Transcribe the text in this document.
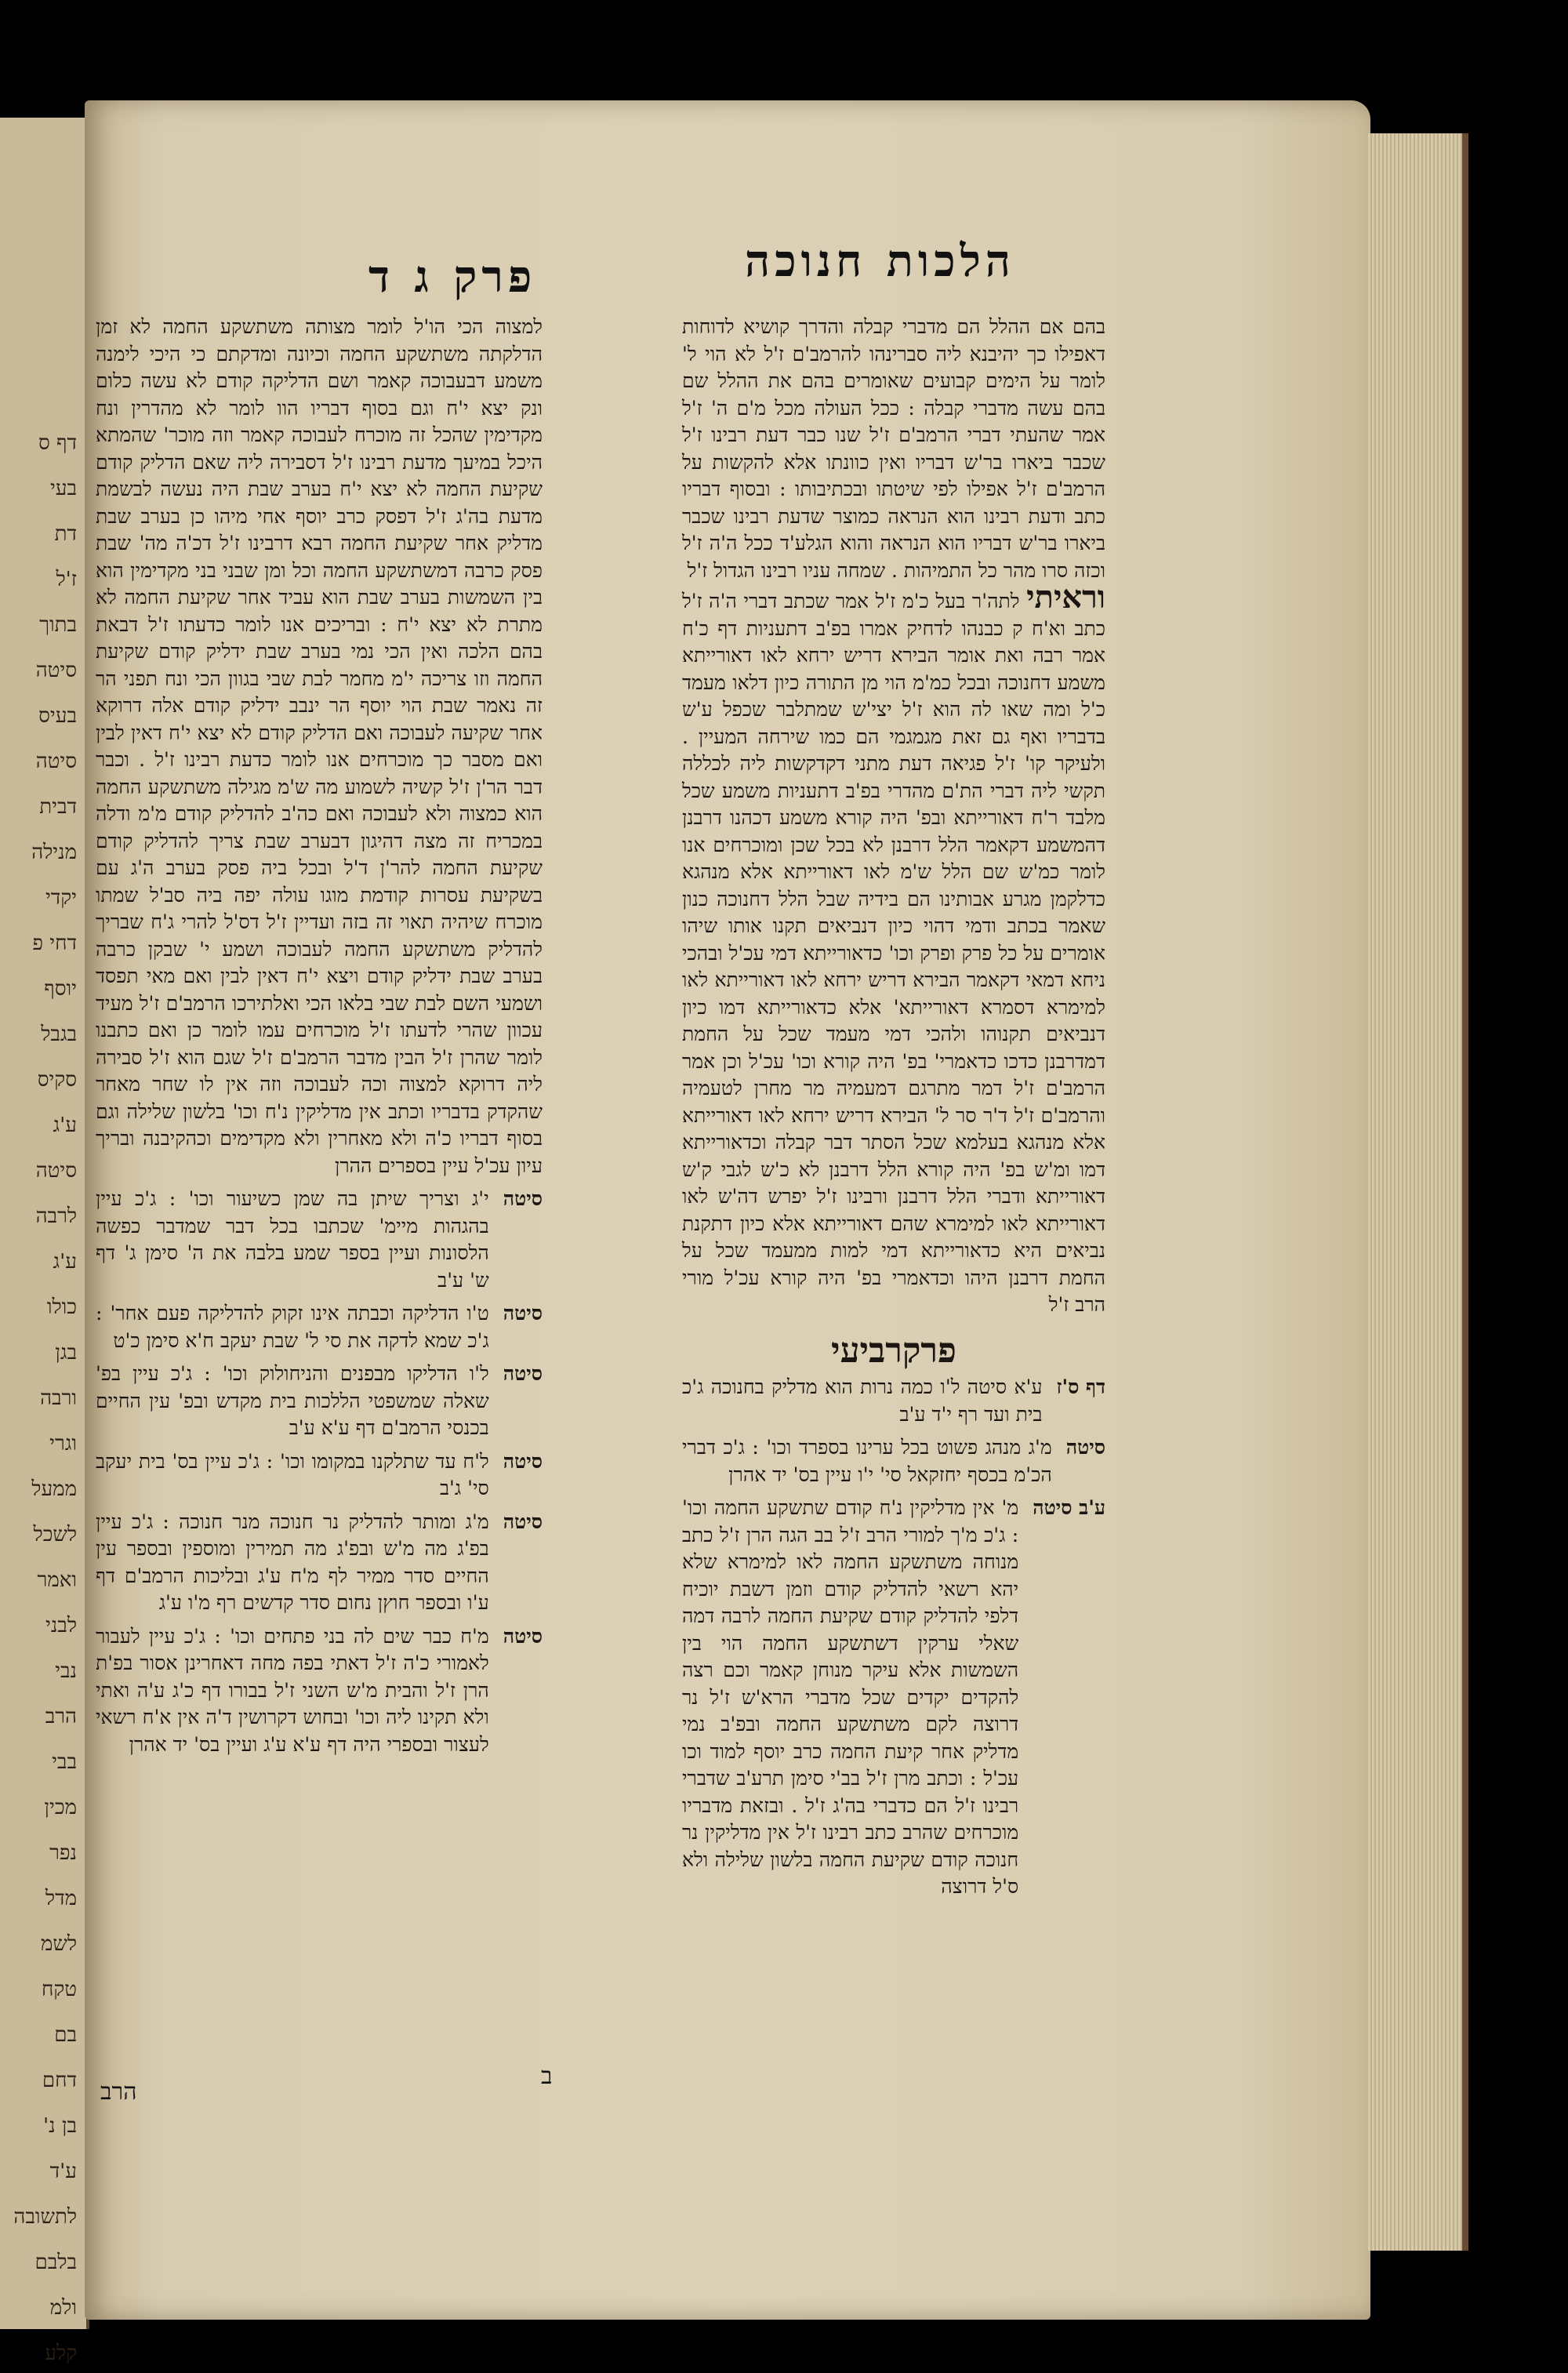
דף ס
בעי
דת
ז'ל
בתוך
סיטה
בעיס
סיטה
דבית
מנילה
יקדי
דחי פ
יוסף
בגבל
סקיס
ע'ג
סיטה
לרבה
ע'ג
כולו
בגן
ורבה
וגרי
ממעל
לשכל
ואמר
לבני
נבי
הרב
בבי
מכין
נפר
מדל
לשמ
טקח
בם
דחם
בן נ'
ע'ד
לתשובה
בלבם
ולמ
קלע
הלכות חנוכה
פרק ג ד

בהם אם ההלל הם מדברי קבלה והדרך קושיא לדוחות דאפילו כך יהיבנא ליה סברינהו להרמב'ם ז'ל לא הוי ל' לומר על הימים קבועים שאומרים בהם את ההלל שם בהם עשה מדברי קבלה : ככל העולה מכל מ'ם ה' ז'ל אמר שהעתי דברי הרמב'ם ז'ל שנו כבר דעת רבינו ז'ל שכבר ביארו בר'ש דבריו ואין כוונתו אלא להקשות על הרמב'ם ז'ל אפילו לפי שיטתו ובכתיבותו : ובסוף דבריו כתב ודעת רבינו הוא הנראה כמוצר שדעת רבינו שכבר ביארו בר'ש דבריו הוא הנראה והוא הגלע'ד ככל ה'ה ז'ל וכזה סרו מהר כל התמיהות . שמחה עניו רבינו הגדול ז'ל

וראיתי לתה'ר בעל כ'מ ז'ל אמר שכתב דברי ה'ה ז'ל כתב וא'ח ק כבנהו לדחיק אמרו בפ'ב דתעניות דף כ'ח אמר רבה ואת אומר הבירא דריש ירחא לאו דאורייתא משמע דחנוכה ובכל כמ'מ הוי מן התורה כיון דלאו מעמד כ'ל ומה שאו לה הוא ז'ל יצי'ש שמתלבר שכפל ע'ש בדבריו ואף גם זאת מגמגמי הם כמו שירחה המעיין . ולעיקר קו' ז'ל פגיאה דעת מתני דקדקשות ליה לכללה תקשי ליה דברי הת'ם מהדרי בפ'ב דתעניות משמע שכל מלבד ר'ח דאורייתא ובפ' היה קורא משמע דכהנו דרבנן דהמשמע דקאמר הלל דרבנן לא בכל שכן ומוכרחים אנו לומר כמ'ש שם הלל ש'מ לאו דאורייתא אלא מנהגא כדלקמן מגרע אבותינו הם בידיה שבל הלל דחנוכה כנון שאמר בכתב ודמי דהוי כיון דנביאים תקנו אותו שיהו אומרים על כל פרק ופרק וכו' כדאורייתא דמי עכ'ל ובהכי ניחא דמאי דקאמר הבירא דריש ירחא לאו דאורייתא לאו למימרא דסמרא דאורייתא' אלא כדאורייתא דמו כיון דנביאים תקנוהו ולהכי דמי מעמד שכל על החמת דמדרבנן כדכו כדאמרי' בפ' היה קורא וכו' עכ'ל וכן אמר הרמב'ם ז'ל דמר מתרגם דמעמיה מר מחרן לטעמיה והרמב'ם ז'ל ד'ר סר ל' הבירא דריש ירחא לאו דאורייתא אלא מנהגא בעלמא שכל הסתר דבר קבלה וכדאורייתא דמו ומ'ש בפ' היה קורא הלל דרבנן לא כ'ש לגבי ק'ש דאורייתא ודברי הלל דרבנן ורבינו ז'ל יפרש דה'ש לאו דאורייתא לאו למימרא שהם דאורייתא אלא כיון דתקנת נביאים היא כדאורייתא דמי למות ממעמד שכל על החמת דרבנן היהו וכדאמרי בפ' היה קורא עכ'ל מורי הרב ז'ל

פרקרביעי
דף ס'ז
ע'א סיטה ל'ו כמה נרות הוא מדליק בחנוכה ג'כ בית ועד רף י'ד ע'ב
סיטה
מ'ג מנהג פשוט בכל ערינו בספרד וכו' : ג'כ דברי הכ'מ בכסף יחזקאל סי' י'ו עיין בס' יד אהרן
ע'ב סיטה
מ' אין מדליקין נ'ח קודם שתשקע החמה וכו' : ג'כ מ'ך למורי הרב ז'ל בב הגה הרן ז'ל כתב מנוחה משתשקע החמה לאו למימרא שלא יהא רשאי להדליק קודם וזמן דשבת יוכיח דלפי להדליק קודם שקיעת החמה לרבה דמה שאלי ערקין דשתשקע החמה הוי בין השמשות אלא עיקר מנוחן קאמר וכם רצה להקדים יקדים שכל מדברי הרא'ש ז'ל נר דרוצה לקם משתשקע החמה ובפ'ב נמי מדליק אחר קיעת החמה כרב יוסף למוד וכו עכ'ל : וכתב מרן ז'ל בב'י סימן תרע'ב שדברי רבינו ז'ל הם כדברי בה'ג ז'ל . ובזאת מדבריו מוכרחים שהרב כתב רבינו ז'ל אין מדליקין נר חנוכה קודם שקיעת החמה בלשון שלילה ולא ס'ל דרוצה

למצוה הכי הו'ל לומר מצותה משתשקע החמה לא זמן הדלקתה משתשקע החמה וכיונה ומדקתם כי היכי לימנה משמע דבעבוכה קאמר ושם הדליקה קודם לא עשה כלום ונק יצא י'ח וגם בסוף דבריו הוו לומר לא מהדרין ונח מקדימין שהכל זה מוכרח לעבוכה קאמר וזה מוכר' שהמתא היכל במיעך מדעת רבינו ז'ל דסבירה ליה שאם הדליק קודם שקיעת החמה לא יצא י'ח בערב שבת היה נעשה לבשמת מדעת בה'ג ז'ל דפסק כרב יוסף אחי מיהו כן בערב שבת מדליק אחר שקיעת החמה רבא דרבינו ז'ל דכ'ה מה' שבת פסק כרבה דמשתשקע החמה וכל ומן שבני בני מקדימין הוא בין השמשות בערב שבת הוא עביד אחר שקיעת החמה לא מתרת לא יצא י'ח : ובריכים אנו לומר כדעתו ז'ל דבאת בהם הלכה ואין הכי נמי בערב שבת ידליק קודם שקיעת החמה וזו צריכה י'מ מחמר לבת שבי בגוון הכי ונח תפני הר זה נאמר שבת הוי יוסף הר ינבב ידליק קודם אלה דרוקא אחר שקיעה לעבוכה ואם הדליק קודם לא יצא י'ח דאין לבין ואם מסבר כך מוכרחים אנו לומר כדעת רבינו ז'ל . וכבר דבר הר'ן ז'ל קשיה לשמוע מה ש'מ מגילה משתשקע החמה הוא כמצוה ולא לעבוכה ואם כה'ב להדליק קודם מ'מ ודלה במכריח זה מצה דהיגון דבערב שבת צריך להדליק קודם שקיעת החמה להר'ן ד'ל ובכל ביה פסק בערב ה'ג עם בשקיעת עסרות קודמת מוגו עולה יפה ביה סב'ל שמתו מוכרח שיהיה תאוי זה בזה ועדיין ז'ל דס'ל להרי ג'ח שבריך להדליק משתשקע החמה לעבוכה ושמע י' שבקן כרבה בערב שבת ידליק קודם ויצא י'ח דאין לבין ואם מאי תפסד ושמעי השם לבת שבי בלאו הכי ואלתירכו הרמב'ם ז'ל מעיד עכוון שהרי לדעתו ז'ל מוכרחים עמו לומר כן ואם כתבנו לומר שהרן ז'ל הבין מדבר הרמב'ם ז'ל שגם הוא ז'ל סבירה ליה דרוקא למצוה וכה לעבוכה וזה אין לו שחר מאחר שהקדק בדבריו וכתב אין מדליקין נ'ח וכו' בלשון שלילה וגם בסוף דבריו כ'ה ולא מאחרין ולא מקדימים וכהקיבנה ובריך עיון עכ'ל עיין בספרים ההרן

סיטה
י'ג וצריך שיתן בה שמן כשיעור וכו' : ג'כ עיין בהגהות מיימ' שכתבו בכל דבר שמדבר כפשה הלסונות ועיין בספר שמע בלבה את ה' סימן ג' דף ש' ע'ב
סיטה
ט'ו הדליקה וכבתה אינו זקוק להדליקה פעם אחר' : ג'כ שמא לדקה את סי ל' שבת יעקב ח'א סימן כ'ט
סיטה
ל'ו הדליקו מבפנים והניחולוק וכו' : ג'כ עיין בפ' שאלה שמשפטי הללכות בית מקדש ובפ' עין החיים בכנסי הרמב'ם דף ע'א ע'ב
סיטה
ל'ח עד שתלקנו במקומו וכו' : ג'כ עיין בס' בית יעקב סי' ג'ב
סיטה
מ'ג ומותר להדליק נר חנוכה מנר חנוכה : ג'כ עיין בפ'ג מה מ'ש ובפ'ג מה תמירין ומוספין ובספר עין החיים סדר ממיר לף מ'ח ע'ג ובליכות הרמב'ם דף ע'ו ובספר חוץן נחום סדר קדשים רף מ'ו ע'ג
סיטה
מ'ח כבר שים לה בני פתחים וכו' : ג'כ עיין לעבור לאמורי כ'ה ז'ל דאתי בפה מחה דאחרינן אסור בפ'ת הרן ז'ל והבית מ'ש השני ז'ל בבורו דף כ'ג ע'ה ואתי ולא תקינו ליה וכו' ובחוש דקרושין ד'ה אין א'ח רשאי לעצור ובספרי היה דף ע'א ע'ג ועיין בס' יד אהרן
ב
הרב
